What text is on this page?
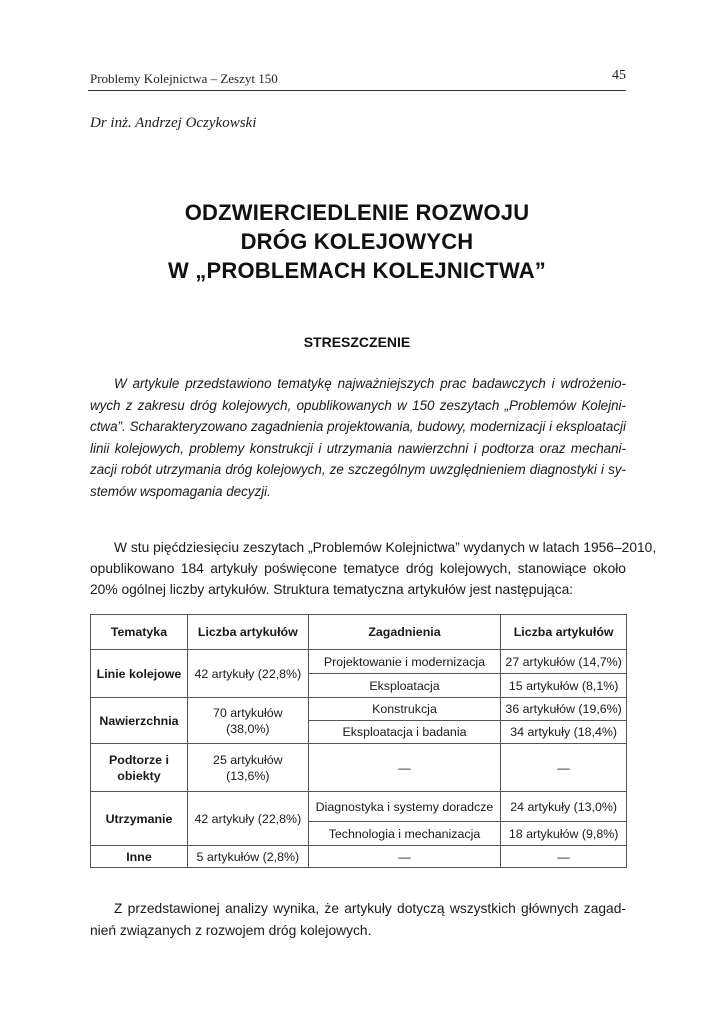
Problemy Kolejnictwa – Zeszyt 150	45
Dr inż. Andrzej Oczykowski
ODZWIERCIEDLENIE ROZWOJU
DRÓG KOLEJOWYCH
W „PROBLEMACH KOLEJNICTWA”
STRESZCZENIE
W artykule przedstawiono tematykę najważniejszych prac badawczych i wdrożenio-
wych z zakresu dróg kolejowych, opublikowanych w 150 zeszytach „Problemów Kolejni-
ctwa”. Scharakteryzowano zagadnienia projektowania, budowy, modernizacji i eksploatacji
linii kolejowych, problemy konstrukcji i utrzymania nawierzchni i podtorza oraz mechani-
zacji robót utrzymania dróg kolejowych, ze szczególnym uwzględnieniem diagnostyki i sy-
stemów wspomagania decyzji.
W stu pięćdziesięciu zeszytach „Problemów Kolejnictwa” wydanych w latach 1956–2010,
opublikowano 184 artykuły poświęcone tematyce dróg kolejowych, stanowiące około
20% ogólnej liczby artykułów. Struktura tematyczna artykułów jest następująca:
Tematyka	Liczba artykułów	Zagadnienia	Liczba artykułów
Linie kolejowe	42 artykuły (22,8%)	Projektowanie i modernizacja	27 artykułów (14,7%)
		Eksploatacja	15 artykułów (8,1%)
Nawierzchnia	70 artykułów (38,0%)	Konstrukcja	36 artykułów (19,6%)
		Eksploatacja i badania	34 artykuły (18,4%)
Podtorze i obiekty	25 artykułów (13,6%)	—	—
Utrzymanie	42 artykuły (22,8%)	Diagnostyka i systemy doradcze	24 artykuły (13,0%)
		Technologia i mechanizacja	18 artykułów (9,8%)
Inne	5 artykułów (2,8%)	—	—
Z przedstawionej analizy wynika, że artykuły dotyczą wszystkich głównych zagad-
nień związanych z rozwojem dróg kolejowych.
